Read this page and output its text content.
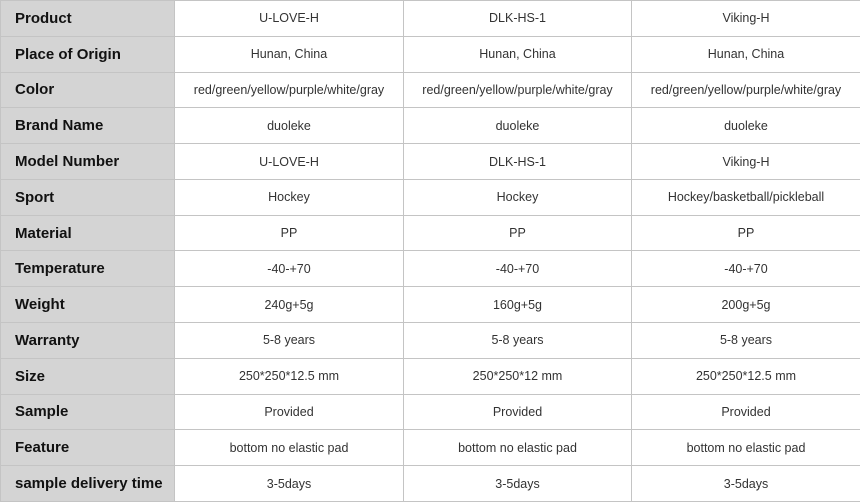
Product	U-LOVE-H	DLK-HS-1	Viking-H
Place of Origin	Hunan, China	Hunan, China	Hunan, China
Color	red/green/yellow/purple/white/gray	red/green/yellow/purple/white/gray	red/green/yellow/purple/white/gray
Brand Name	duoleke	duoleke	duoleke
Model Number	U-LOVE-H	DLK-HS-1	Viking-H
Sport	Hockey	Hockey	Hockey/basketball/pickleball
Material	PP	PP	PP
Temperature	-40-+70	-40-+70	-40-+70
Weight	240g+5g	160g+5g	200g+5g
Warranty	5-8 years	5-8 years	5-8 years
Size	250*250*12.5 mm	250*250*12 mm	250*250*12.5 mm
Sample	Provided	Provided	Provided
Feature	bottom no elastic pad	bottom no elastic pad	bottom no elastic pad
sample delivery time	3-5days	3-5days	3-5days
